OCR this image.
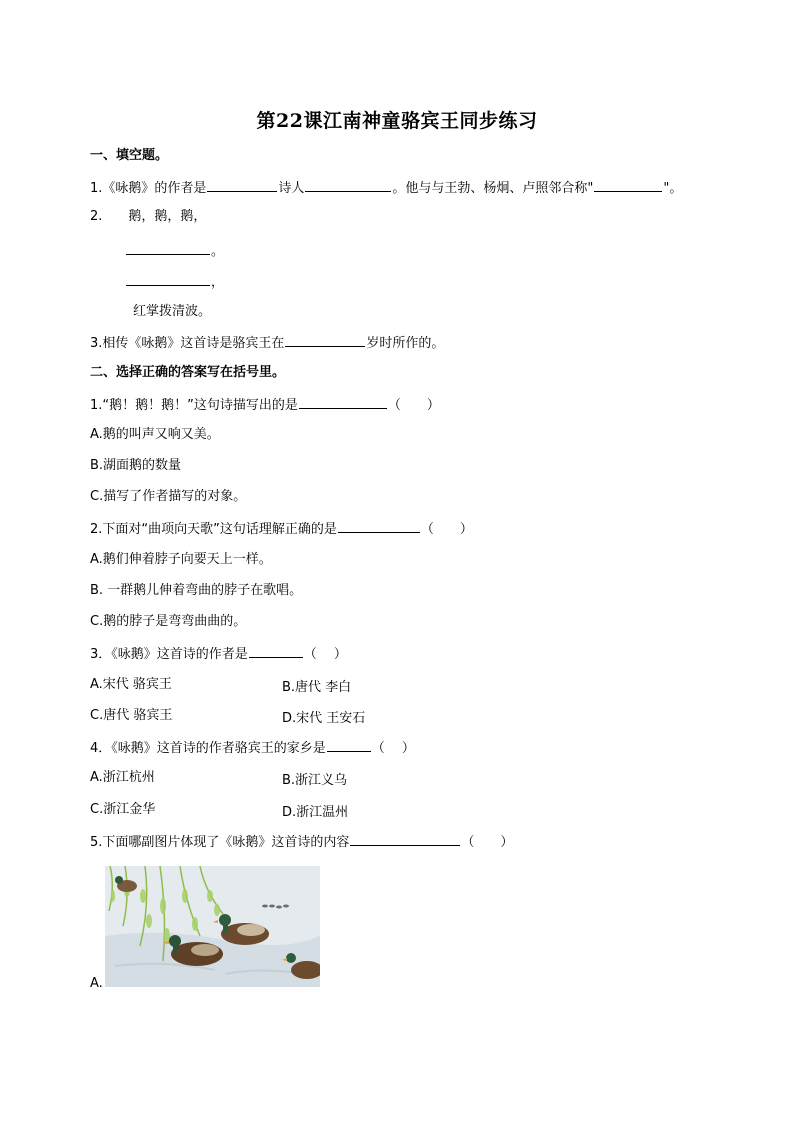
第22课江南神童骆宾王同步练习
一、填空题。
1.《咏鹅》的作者是	诗人	。他与与王勃、杨炯、卢照邻合称"	"。
2. 鹅，鹅，鹅，
。
，
红掌拨清波。
3.相传《咏鹅》这首诗是骆宾王在	岁时所作的。
二、选择正确的答案写在括号里。
1.“鹅！鹅！鹅！”这句诗描写出的是	（　　）
A.鹅的叫声又响又美。
B.湖面鹅的数量
C.描写了作者描写的对象。
2.下面对“曲项向天歌”这句话理解正确的是	（　　）
A.鹅们伸着脖子向要天上一样。
B. 一群鹅儿伸着弯曲的脖子在歌唱。
C.鹅的脖子是弯弯曲曲的。
3．《咏鹅》这首诗的作者是	（　 ）
A.宋代 骆宾王	B.唐代 李白
C.唐代 骆宾王	D.宋代 王安石
4．《咏鹅》这首诗的作者骆宾王的家乡是	（　 ）
A.浙江杭州	B.浙江义乌
C.浙江金华	D.浙江温州
5.下面哪副图片体现了《咏鹅》这首诗的内容	（　　）
A.
